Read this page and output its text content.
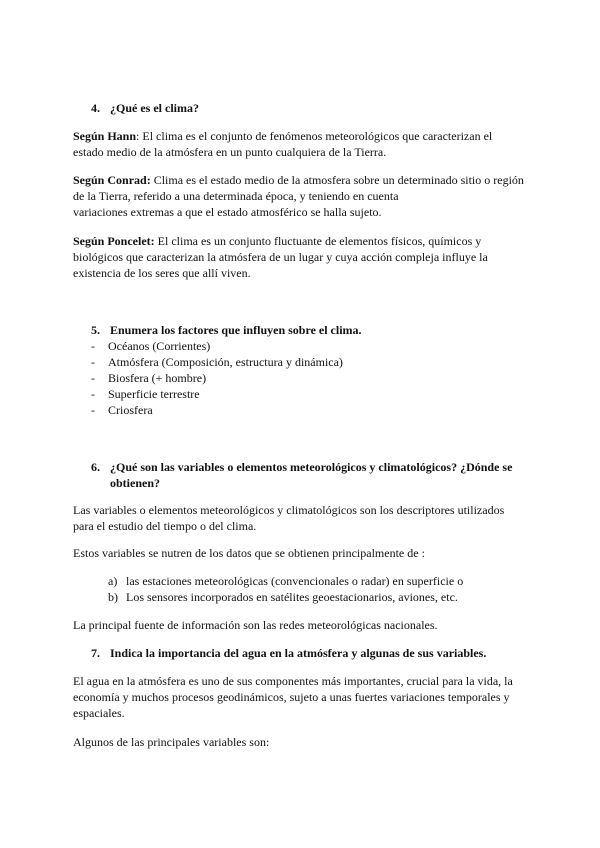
4. ¿Qué es el clima?
Según Hann: El clima es el conjunto de fenómenos meteorológicos que caracterizan el
estado medio de la atmósfera en un punto cualquiera de la Tierra.
Según Conrad: Clima es el estado medio de la atmosfera sobre un determinado sitio o región
de la Tierra, referido a una determinada época, y teniendo en cuenta
variaciones extremas a que el estado atmosférico se halla sujeto.
Según Poncelet: El clima es un conjunto fluctuante de elementos físicos, químicos y
biológicos que caracterizan la atmósfera de un lugar y cuya acción compleja influye la
existencia de los seres que allí viven.
5. Enumera los factores que influyen sobre el clima.
- Océanos (Corrientes)
- Atmósfera (Composición, estructura y dinámica)
- Biosfera (+ hombre)
- Superficie terrestre
- Criosfera
6. ¿Qué son las variables o elementos meteorológicos y climatológicos? ¿Dónde se
obtienen?
Las variables o elementos meteorológicos y climatológicos son los descriptores utilizados
para el estudio del tiempo o del clima.
Estos variables se nutren de los datos que se obtienen principalmente de :
a) las estaciones meteorológicas (convencionales o radar) en superficie o
b) Los sensores incorporados en satélites geoestacionarios, aviones, etc.
La principal fuente de información son las redes meteorológicas nacionales.
7. Indica la importancia del agua en la atmósfera y algunas de sus variables.
El agua en la atmósfera es uno de sus componentes más importantes, crucial para la vida, la
economía y muchos procesos geodinámicos, sujeto a unas fuertes variaciones temporales y
espaciales.
Algunos de las principales variables son:
